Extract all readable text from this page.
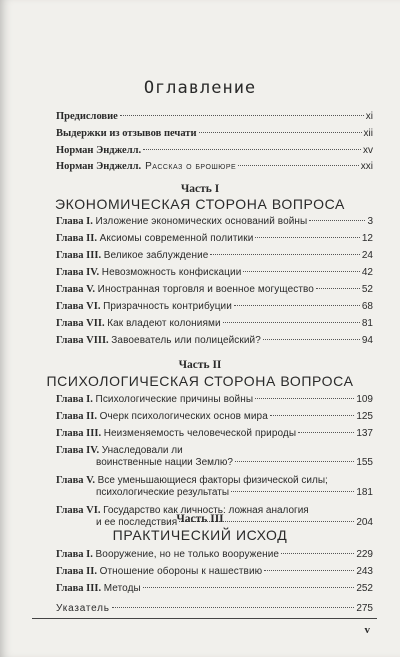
Оглавление
Предисловие	xi
Выдержки из отзывов печати	xii
Норман Энджелл.	xv
Норман Энджелл. Рассказ о брошюре	xxi
Часть I
ЭКОНОМИЧЕСКАЯ СТОРОНА ВОПРОСА
Глава I. Изложение экономических оснований войны	3
Глава II. Аксиомы современной политики	12
Глава III. Великое заблуждение	24
Глава IV. Невозможность конфискации	42
Глава V. Иностранная торговля и военное могущество	52
Глава VI. Призрачность контрибуции	68
Глава VII. Как владеют колониями	81
Глава VIII. Завоеватель или полицейский?	94
Часть II
ПСИХОЛОГИЧЕСКАЯ СТОРОНА ВОПРОСА
Глава I. Психологические причины войны	109
Глава II. Очерк психологических основ мира	125
Глава III. Неизменяемость человеческой природы	137
Глава IV. Унаследовали ли
воинственные нации Землю?	155
Глава V. Все уменьшающиеся факторы физической силы;
психологические результаты	181
Глава VI. Государство как личность: ложная аналогия
и ее последствия	204
Часть III
ПРАКТИЧЕСКИЙ ИСХОД
Глава I. Вооружение, но не только вооружение	229
Глава II. Отношение обороны к нашествию	243
Глава III. Методы	252
v
Указатель	275
